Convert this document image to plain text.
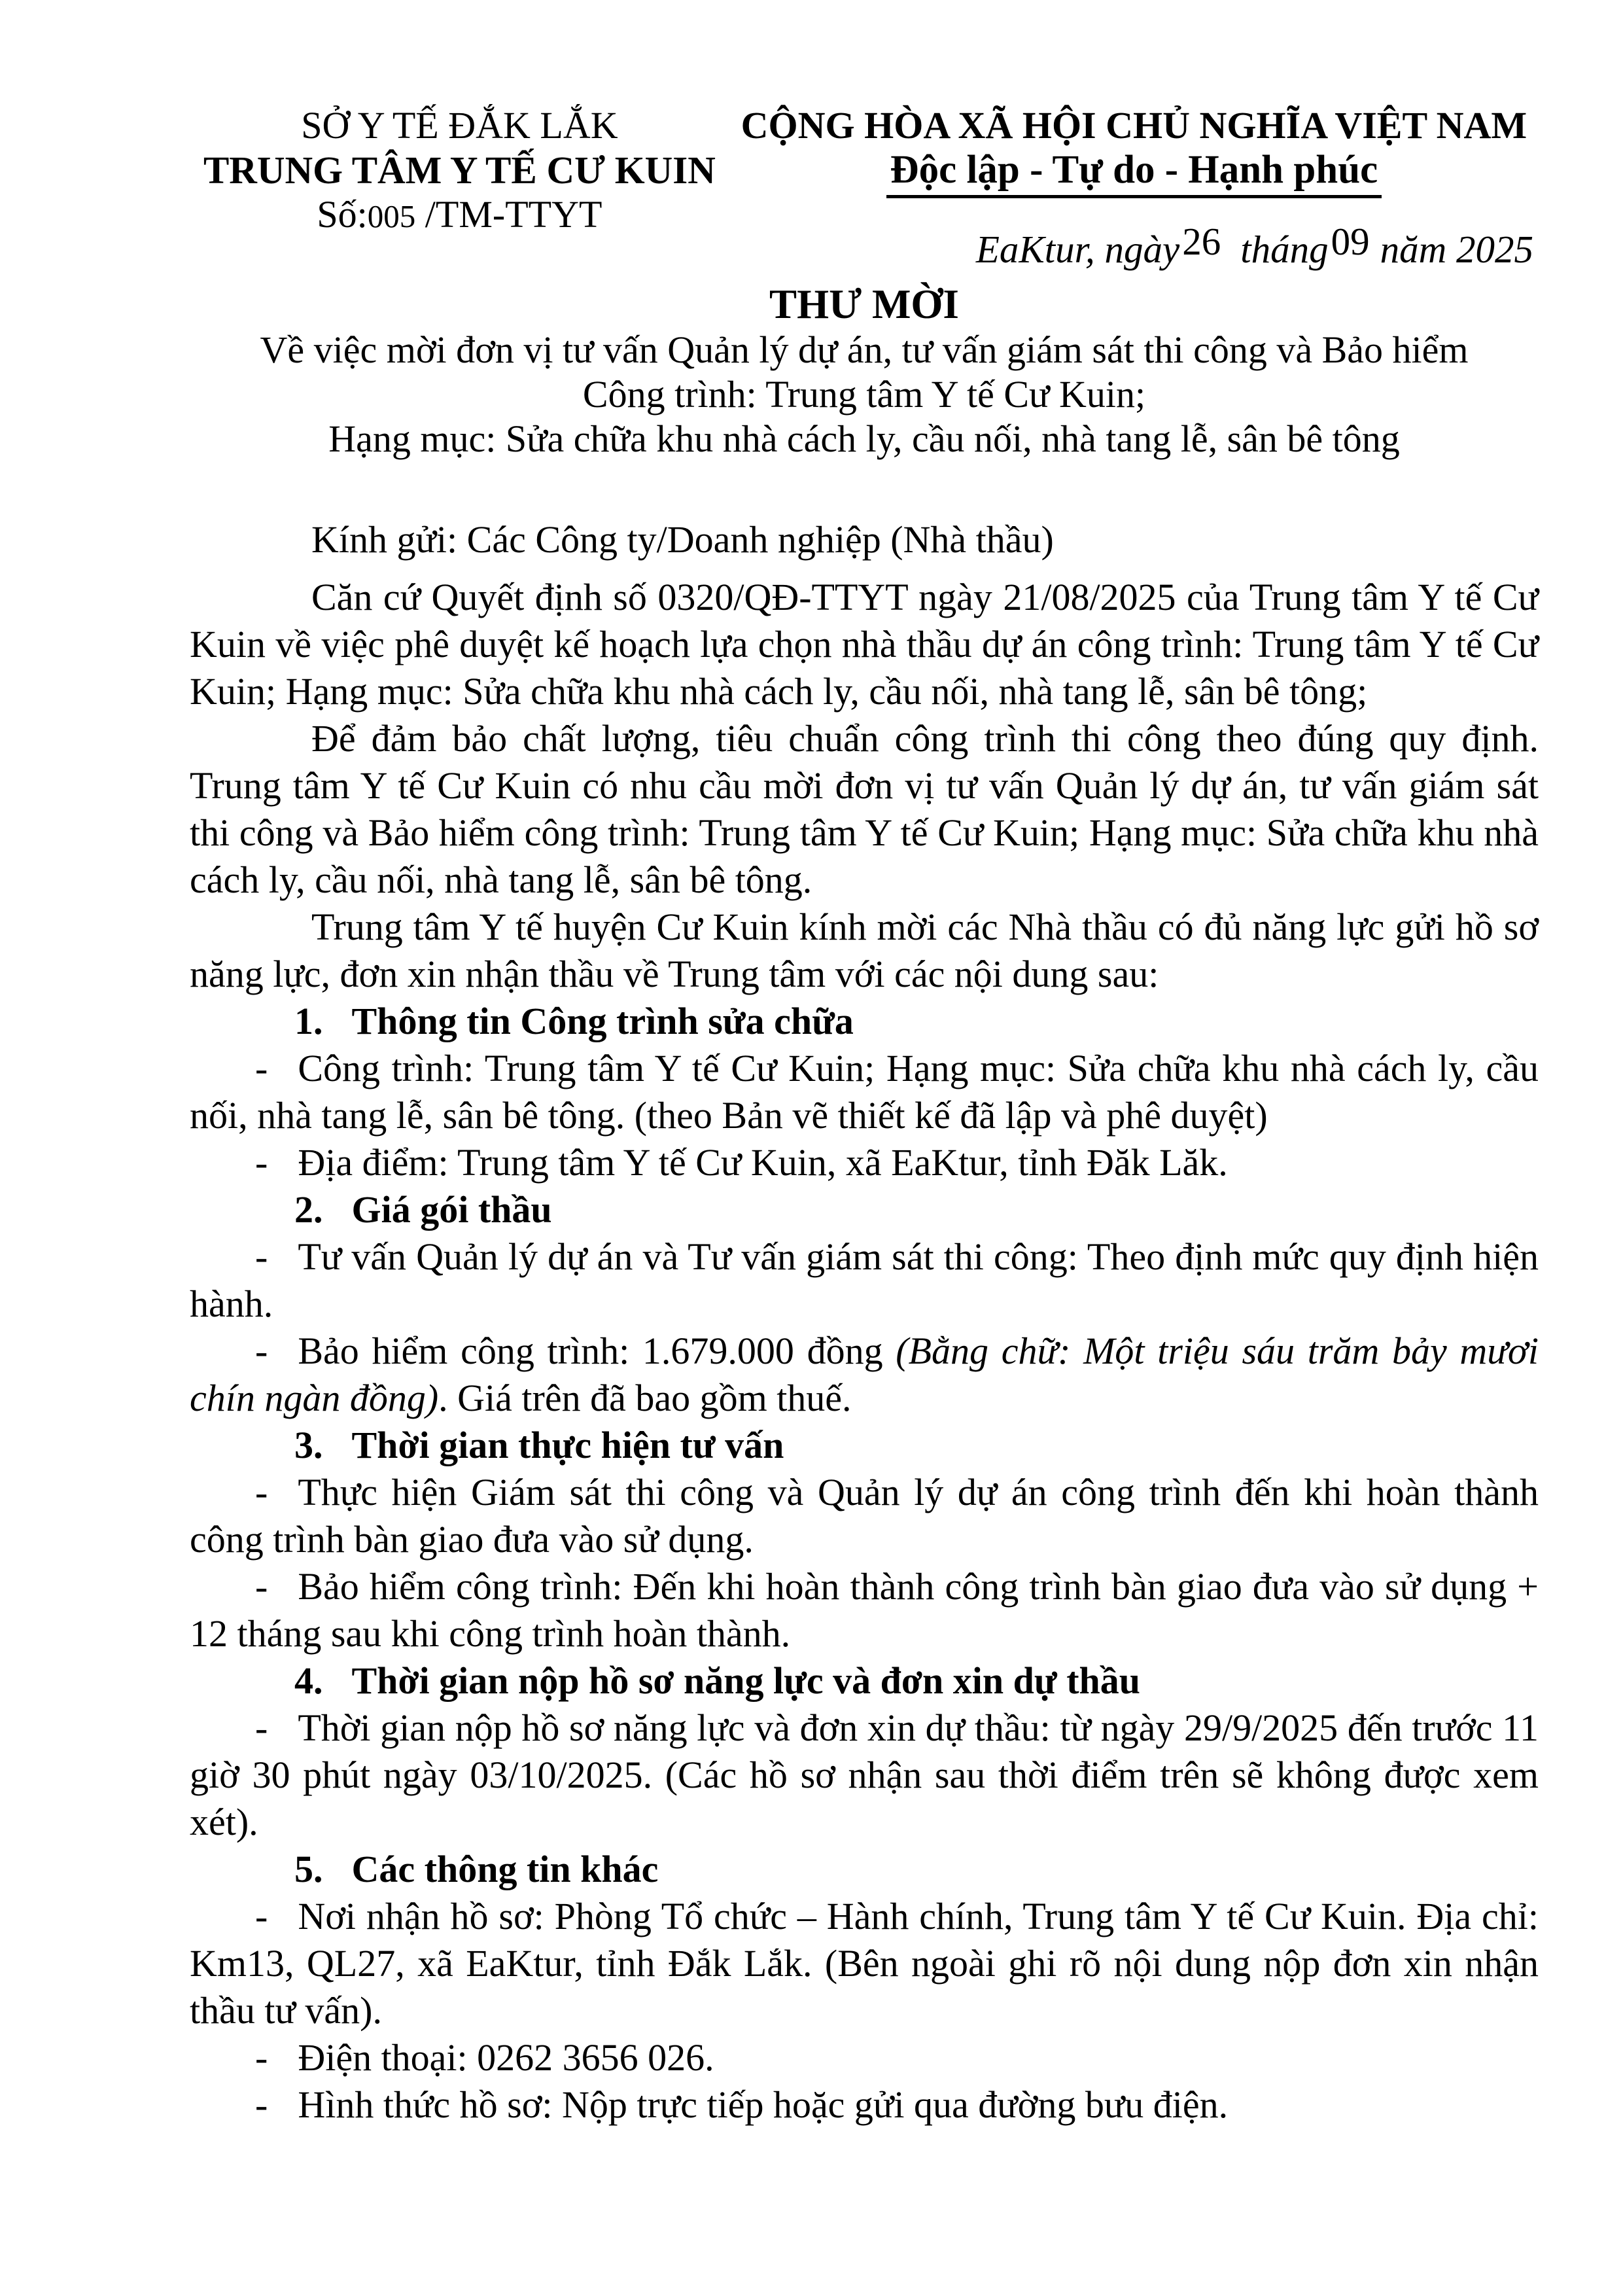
SỞ Y TẾ ĐẮK LẮK
TRUNG TÂM Y TẾ CƯ KUIN
Số:005 /TM-TTYT
CỘNG HÒA XÃ HỘI CHỦ NGHĨA VIỆT NAM
Độc lập - Tự do - Hạnh phúc
EaKtur, ngày26 tháng09 năm 2025
THƯ MỜI
Về việc mời đơn vị tư vấn Quản lý dự án, tư vấn giám sát thi công và Bảo hiểm
Công trình: Trung tâm Y tế Cư Kuin;
Hạng mục: Sửa chữa khu nhà cách ly, cầu nối, nhà tang lễ, sân bê tông

Kính gửi: Các Công ty/Doanh nghiệp (Nhà thầu)

Căn cứ Quyết định số 0320/QĐ-TTYT ngày 21/08/2025 của Trung tâm Y tế Cư Kuin về việc phê duyệt kế hoạch lựa chọn nhà thầu dự án công trình: Trung tâm Y tế Cư Kuin; Hạng mục: Sửa chữa khu nhà cách ly, cầu nối, nhà tang lễ, sân bê tông;

Để đảm bảo chất lượng, tiêu chuẩn công trình thi công theo đúng quy định. Trung tâm Y tế Cư Kuin có nhu cầu mời đơn vị tư vấn Quản lý dự án, tư vấn giám sát thi công và Bảo hiểm công trình: Trung tâm Y tế Cư Kuin; Hạng mục: Sửa chữa khu nhà cách ly, cầu nối, nhà tang lễ, sân bê tông.

Trung tâm Y tế huyện Cư Kuin kính mời các Nhà thầu có đủ năng lực gửi hồ sơ năng lực, đơn xin nhận thầu về Trung tâm với các nội dung sau:

1. Thông tin Công trình sửa chữa

- Công trình: Trung tâm Y tế Cư Kuin; Hạng mục: Sửa chữa khu nhà cách ly, cầu nối, nhà tang lễ, sân bê tông. (theo Bản vẽ thiết kế đã lập và phê duyệt)

- Địa điểm: Trung tâm Y tế Cư Kuin, xã EaKtur, tỉnh Đăk Lăk.

2. Giá gói thầu

- Tư vấn Quản lý dự án và Tư vấn giám sát thi công: Theo định mức quy định hiện hành.

- Bảo hiểm công trình: 1.679.000 đồng (Bằng chữ: Một triệu sáu trăm bảy mươi chín ngàn đồng). Giá trên đã bao gồm thuế.

3. Thời gian thực hiện tư vấn

- Thực hiện Giám sát thi công và Quản lý dự án công trình đến khi hoàn thành công trình bàn giao đưa vào sử dụng.

- Bảo hiểm công trình: Đến khi hoàn thành công trình bàn giao đưa vào sử dụng + 12 tháng sau khi công trình hoàn thành.

4. Thời gian nộp hồ sơ năng lực và đơn xin dự thầu

- Thời gian nộp hồ sơ năng lực và đơn xin dự thầu: từ ngày 29/9/2025 đến trước 11 giờ 30 phút ngày 03/10/2025. (Các hồ sơ nhận sau thời điểm trên sẽ không được xem xét).

5. Các thông tin khác

- Nơi nhận hồ sơ: Phòng Tổ chức – Hành chính, Trung tâm Y tế Cư Kuin. Địa chỉ: Km13, QL27, xã EaKtur, tỉnh Đắk Lắk. (Bên ngoài ghi rõ nội dung nộp đơn xin nhận thầu tư vấn).

- Điện thoại: 0262 3656 026.

- Hình thức hồ sơ: Nộp trực tiếp hoặc gửi qua đường bưu điện.
